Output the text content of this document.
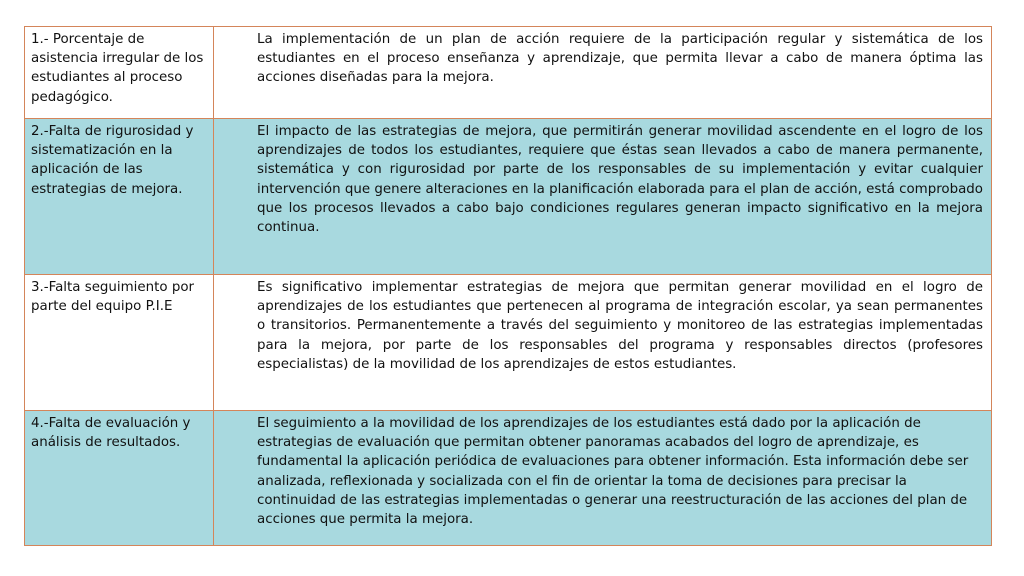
1.- Porcentaje de asistencia irregular de los estudiantes al proceso pedagógico.	La implementación de un plan de acción requiere de la participación regular y sistemática de los estudiantes en el proceso enseñanza y aprendizaje, que permita llevar a cabo de manera óptima las acciones diseñadas para la mejora.

2.-Falta de rigurosidad y sistematización en la aplicación de las estrategias de mejora.	El impacto de las estrategias de mejora, que permitirán generar movilidad ascendente en el logro de los aprendizajes de todos los estudiantes, requiere que éstas sean llevados a cabo de manera permanente, sistemática y con rigurosidad por parte de los responsables de su implementación y evitar cualquier intervención que genere alteraciones en la planificación elaborada para el plan de acción, está comprobado que los procesos llevados a cabo bajo condiciones regulares generan impacto significativo en la mejora continua.

3.-Falta seguimiento por parte del equipo P.I.E	Es significativo implementar estrategias de mejora que permitan generar movilidad en el logro de aprendizajes de los estudiantes que pertenecen al programa de integración escolar, ya sean permanentes o transitorios. Permanentemente a través del seguimiento y monitoreo de las estrategias implementadas para la mejora, por parte de los responsables del programa y responsables directos (profesores especialistas) de la movilidad de los aprendizajes de estos estudiantes.

4.-Falta de evaluación y análisis de resultados.	El seguimiento a la movilidad de los aprendizajes de los estudiantes está dado por la aplicación de estrategias de evaluación que permitan obtener panoramas acabados del logro de aprendizaje, es fundamental la aplicación periódica de evaluaciones para obtener información. Esta información debe ser analizada, reflexionada y socializada con el fin de orientar la toma de decisiones para precisar la continuidad de las estrategias implementadas o generar una reestructuración de las acciones del plan de acciones que permita la mejora.
